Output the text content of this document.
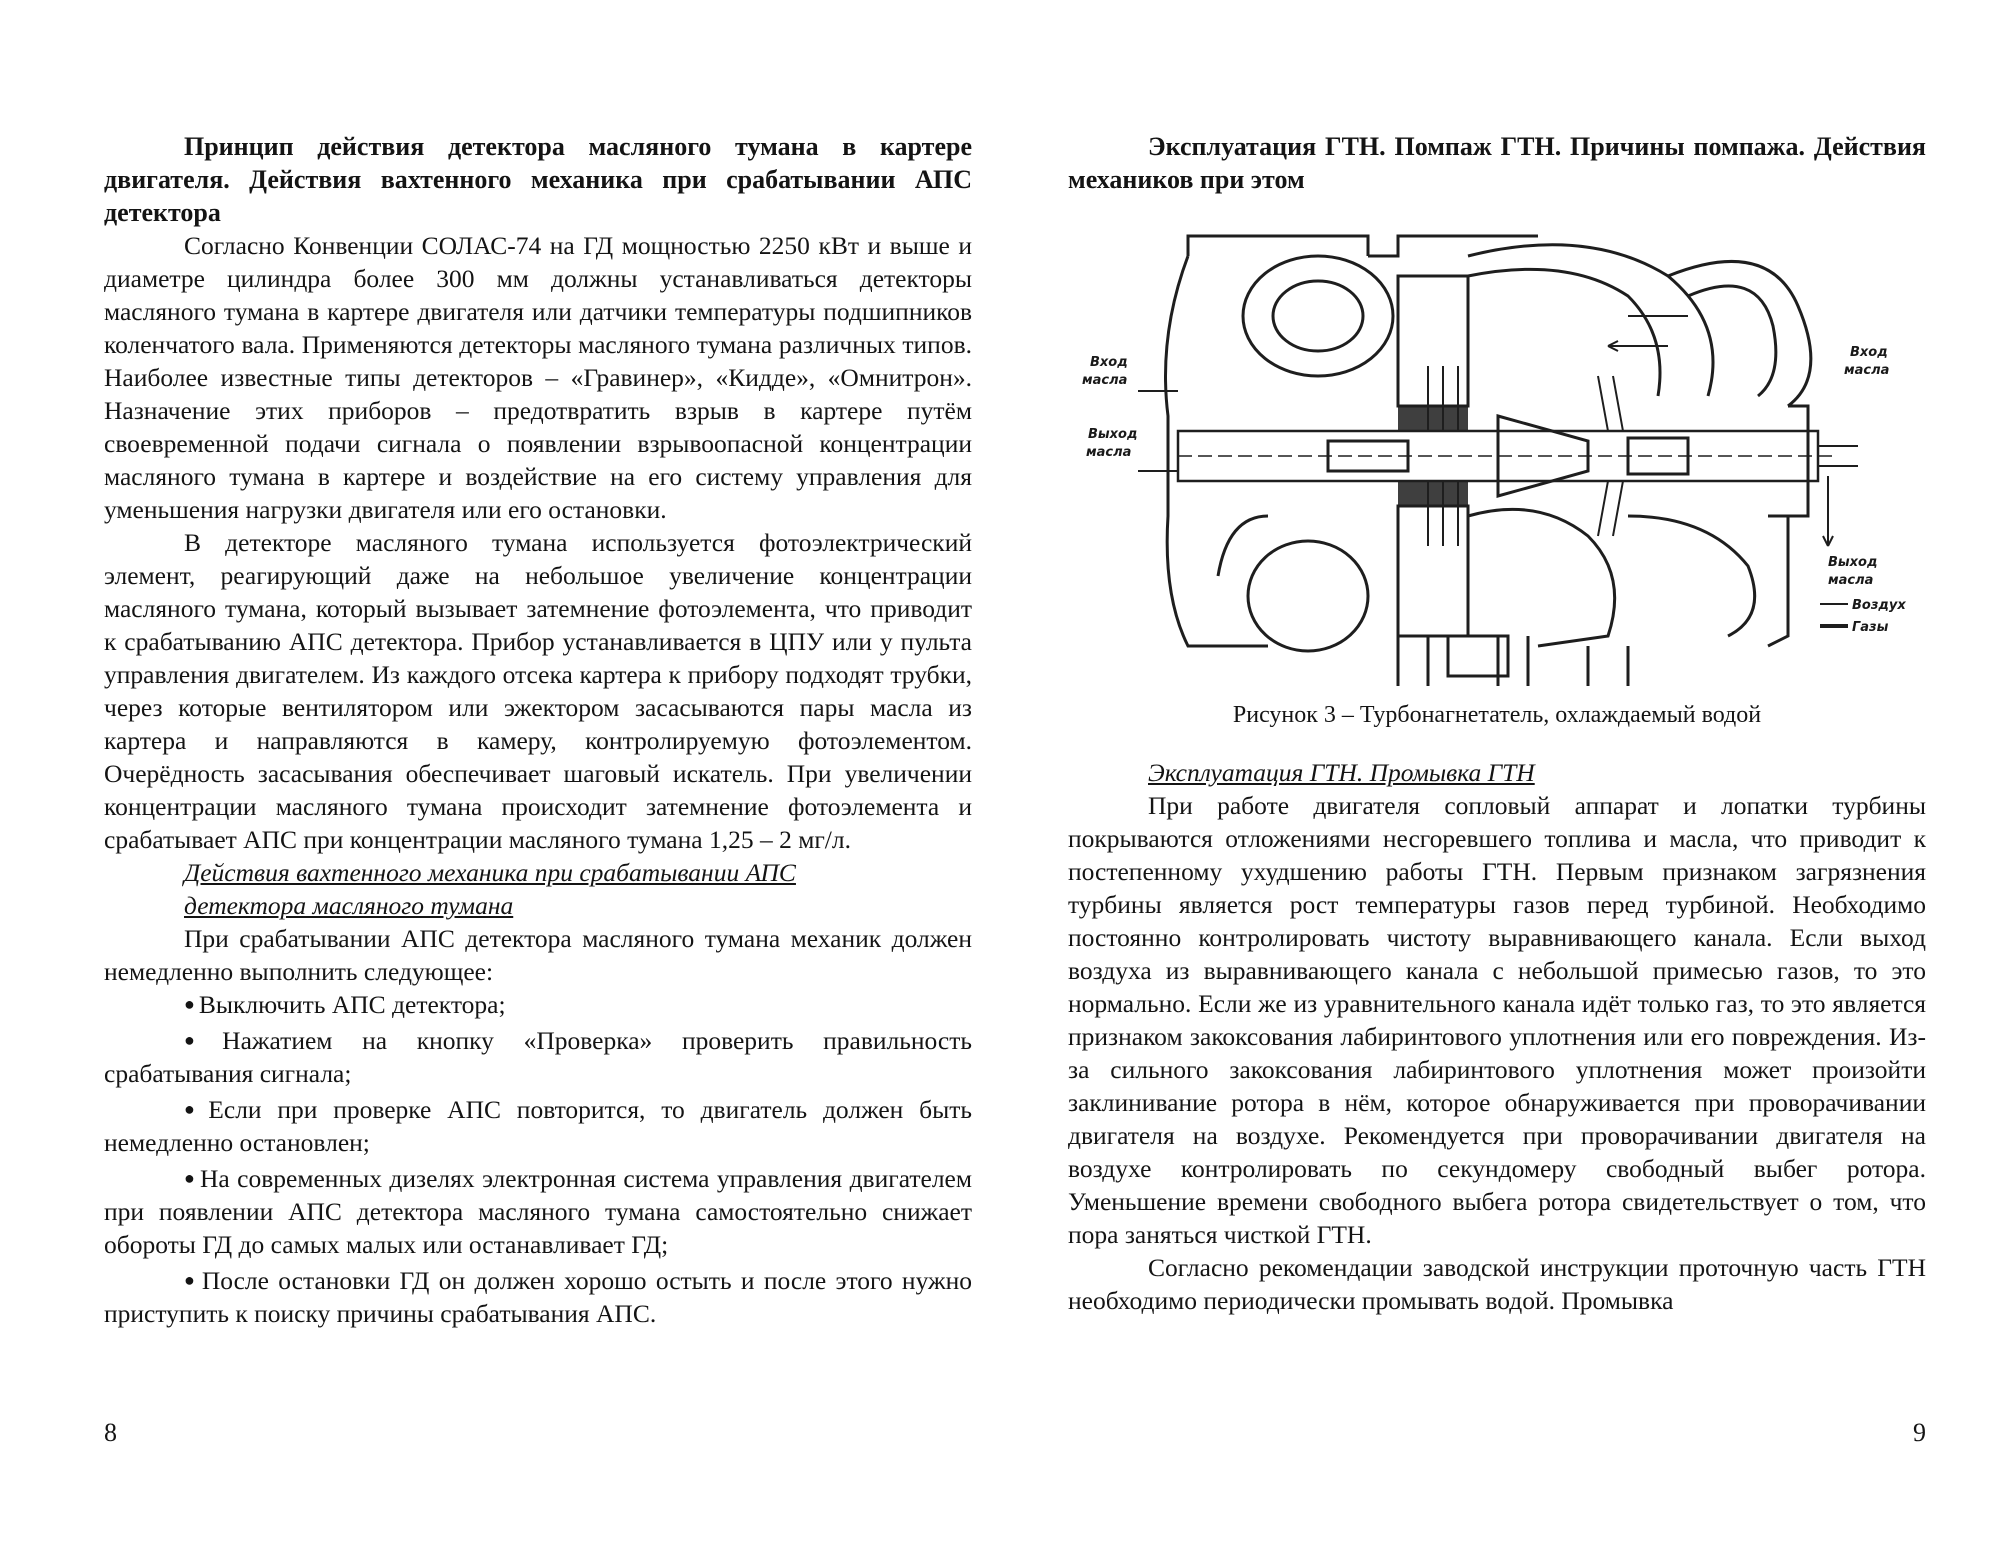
Принцип действия детектора масляного тумана в картере двигателя. Действия вахтенного механика при срабатывании АПС детектора

Согласно Конвенции СОЛАС-74 на ГД мощностью 2250 кВт и выше и диаметре цилиндра более 300 мм должны устанавливаться детекторы масляного тумана в картере двигателя или датчики температуры подшипников коленчатого вала. Применяются детекторы масляного тумана различных типов. Наиболее известные типы детекторов – «Гравинер», «Кидде», «Омнитрон». Назначение этих приборов – предотвратить взрыв в картере путём своевременной подачи сигнала о появлении взрывоопасной концентрации масляного тумана в картере и воздействие на его систему управления для уменьшения нагрузки двигателя или его остановки.

В детекторе масляного тумана используется фотоэлектрический элемент, реагирующий даже на небольшое увеличение концентрации масляного тумана, который вызывает затемнение фотоэлемента, что приводит к срабатыванию АПС детектора. Прибор устанавливается в ЦПУ или у пульта управления двигателем. Из каждого отсека картера к прибору подходят трубки, через которые вентилятором или эжектором засасываются пары масла из картера и направляются в камеру, контролируемую фотоэлементом. Очерёдность засасывания обеспечивает шаговый искатель. При увеличении концентрации масляного тумана происходит затемнение фотоэлемента и срабатывает АПС при концентрации масляного тумана 1,25 – 2 мг/л.

Действия вахтенного механика при срабатывании АПС
детектора масляного тумана

При срабатывании АПС детектора масляного тумана механик должен немедленно выполнить следующее:

● Выключить АПС детектора;
● Нажатием на кнопку «Проверка» проверить правильность срабатывания сигнала;
● Если при проверке АПС повторится, то двигатель должен быть немедленно остановлен;
● На современных дизелях электронная система управления двигателем при появлении АПС детектора масляного тумана самостоятельно снижает обороты ГД до самых малых или останавливает ГД;
● После остановки ГД он должен хорошо остыть и после этого нужно приступить к поиску причины срабатывания АПС.
8

Эксплуатация ГТН. Помпаж ГТН. Причины помпажа. Действия механиков при этом

Вход
масла
Выход
масла
Вход
масла
Выход
масла
Воздух
Газы
Рисунок 3 – Турбонагнетатель, охлаждаемый водой
Эксплуатация ГТН. Промывка ГТН

При работе двигателя сопловый аппарат и лопатки турбины покрываются отложениями несгоревшего топлива и масла, что приводит к постепенному ухудшению работы ГТН. Первым признаком загрязнения турбины является рост температуры газов перед турбиной. Необходимо постоянно контролировать чистоту выравнивающего канала. Если выход воздуха из выравнивающего канала с небольшой примесью газов, то это нормально. Если же из уравнительного канала идёт только газ, то это является признаком закоксования лабиринтового уплотнения или его повреждения. Из-за сильного закоксования лабиринтового уплотнения может произойти заклинивание ротора в нём, которое обнаруживается при проворачивании двигателя на воздухе. Рекомендуется при проворачивании двигателя на воздухе контролировать по секундомеру свободный выбег ротора. Уменьшение времени свободного выбега ротора свидетельствует о том, что пора заняться чисткой ГТН.

Согласно рекомендации заводской инструкции проточную часть ГТН необходимо периодически промывать водой. Промывка

9
